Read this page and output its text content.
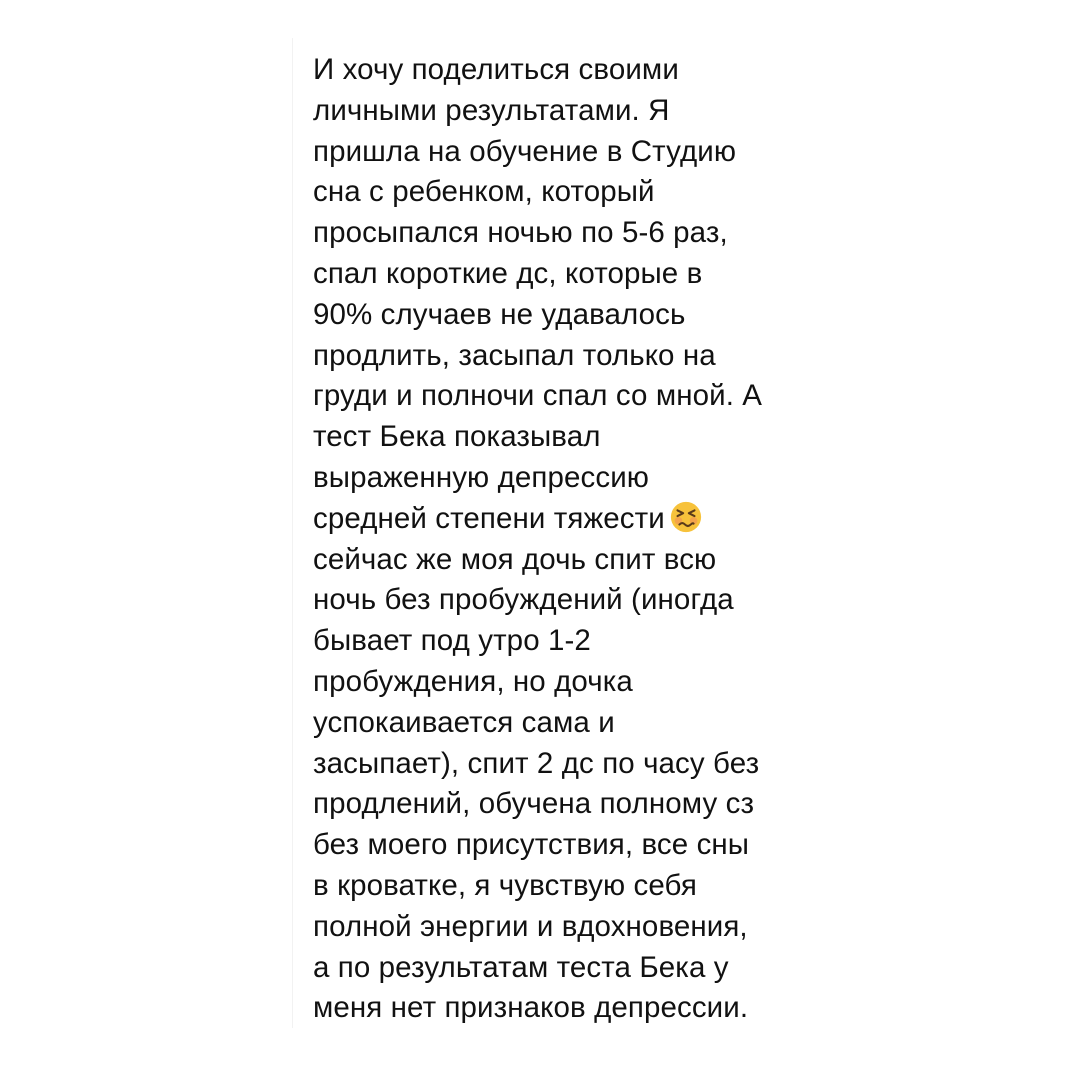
И хочу поделиться своими
личными результатами. Я
пришла на обучение в Студию
сна с ребенком, который
просыпался ночью по 5-6 раз,
спал короткие дс, которые в
90% случаев не удавалось
продлить, засыпал только на
груди и полночи спал со мной. А
тест Бека показывал
выраженную депрессию
средней степени тяжести
сейчас же моя дочь спит всю
ночь без пробуждений (иногда
бывает под утро 1-2
пробуждения, но дочка
успокаивается сама и
засыпает), спит 2 дс по часу без
продлений, обучена полному сз
без моего присутствия, все сны
в кроватке, я чувствую себя
полной энергии и вдохновения,
а по результатам теста Бека у
меня нет признаков депрессии.
